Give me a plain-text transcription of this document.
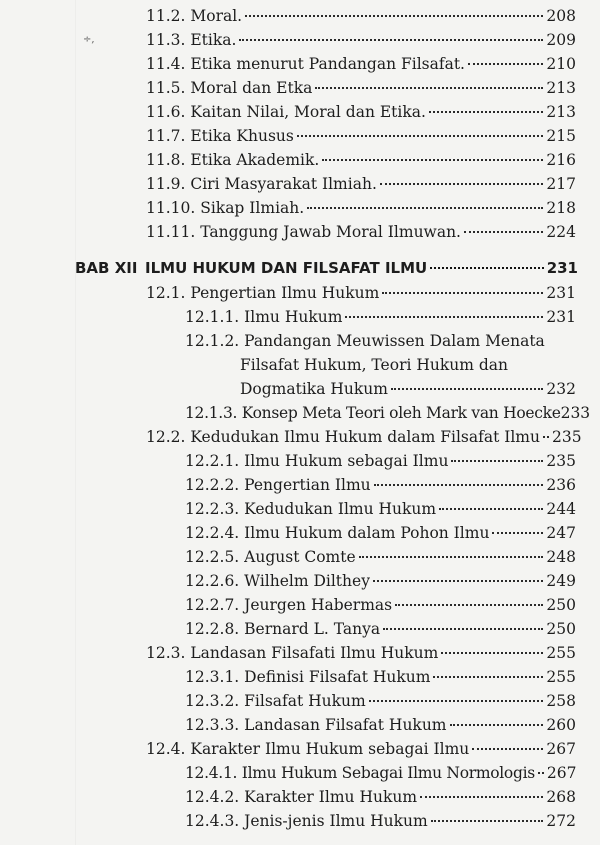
÷,
11.2. Moral.	208
11.3. Etika.	209
11.4. Etika menurut Pandangan Filsafat.	210
11.5. Moral dan Etka	213
11.6. Kaitan Nilai, Moral dan Etika.	213
11.7. Etika Khusus	215
11.8. Etika Akademik.	216
11.9. Ciri Masyarakat Ilmiah.	217
11.10. Sikap Ilmiah.	218
11.11. Tanggung Jawab Moral Ilmuwan.	224
BAB XII ILMU HUKUM DAN FILSAFAT ILMU	231
12.1. Pengertian Ilmu Hukum	231
12.1.1. Ilmu Hukum	231
12.1.2. Pandangan Meuwissen Dalam Menata
Filsafat Hukum, Teori Hukum dan
Dogmatika Hukum	232
12.1.3. Konsep Meta Teori oleh Mark van Hoecke 233
12.2. Kedudukan Ilmu Hukum dalam Filsafat Ilmu 235
12.2.1. Ilmu Hukum sebagai Ilmu	235
12.2.2. Pengertian Ilmu	236
12.2.3. Kedudukan Ilmu Hukum	244
12.2.4. Ilmu Hukum dalam Pohon Ilmu	247
12.2.5. August Comte	248
12.2.6. Wilhelm Dilthey	249
12.2.7. Jeurgen Habermas	250
12.2.8. Bernard L. Tanya	250
12.3. Landasan Filsafati Ilmu Hukum	255
12.3.1. Definisi Filsafat Hukum	255
12.3.2. Filsafat Hukum	258
12.3.3. Landasan Filsafat Hukum	260
12.4. Karakter Ilmu Hukum sebagai Ilmu	267
12.4.1. Ilmu Hukum Sebagai Ilmu Normologis 267
12.4.2. Karakter Ilmu Hukum	268
12.4.3. Jenis-jenis Ilmu Hukum	272
